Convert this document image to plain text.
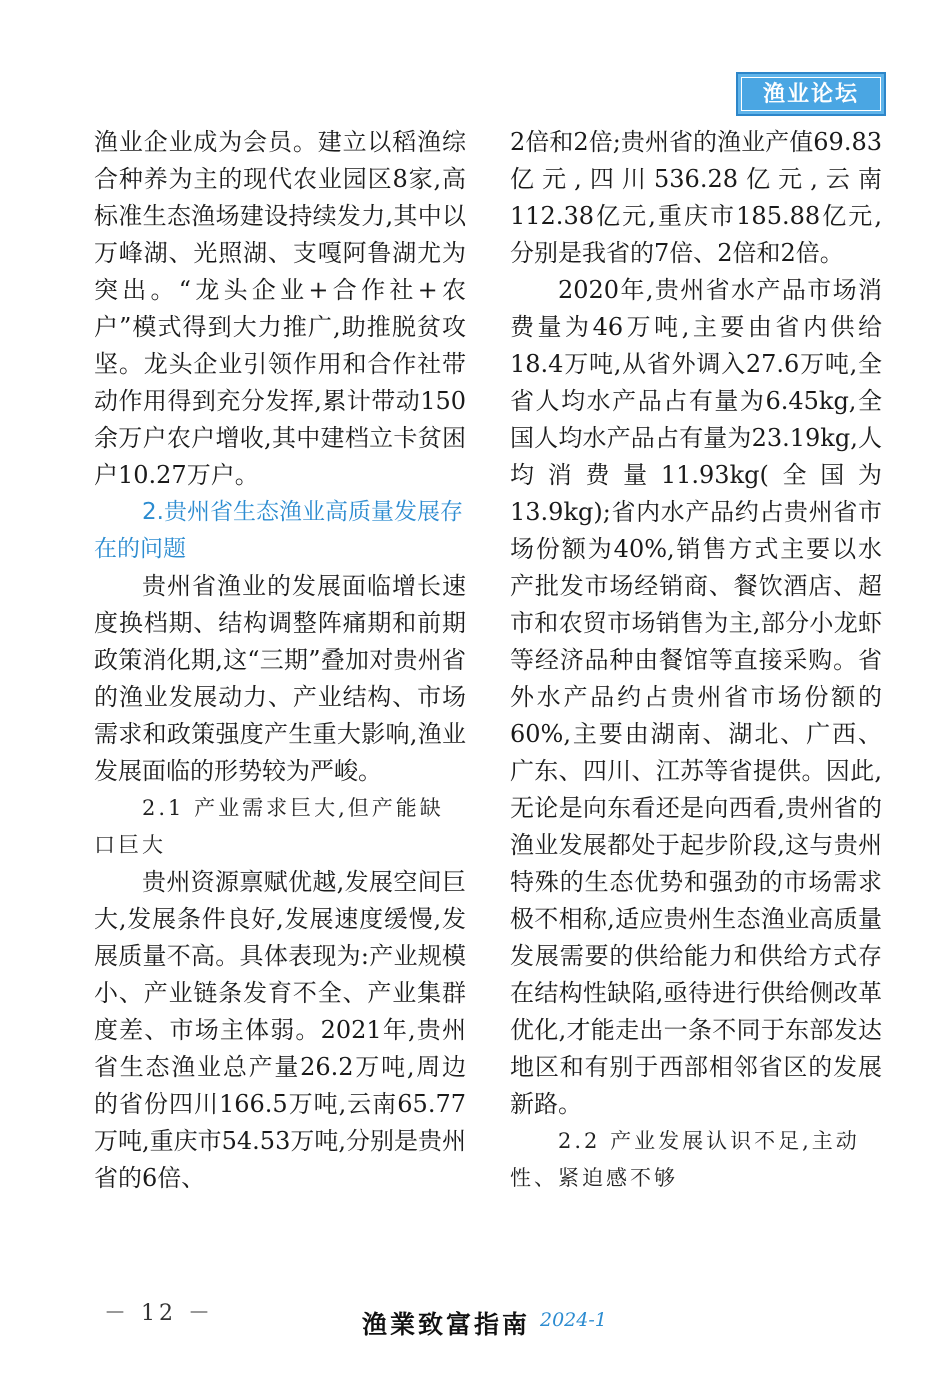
渔业论坛

渔业企业成为会员。建立以稻渔综合种养为主的现代农业园区8家,高标准生态渔场建设持续发力,其中以万峰湖、光照湖、支嘎阿鲁湖尤为突出。“龙头企业+合作社+农户”模式得到大力推广,助推脱贫攻坚。龙头企业引领作用和合作社带动作用得到充分发挥,累计带动150余万户农户增收,其中建档立卡贫困户10.27万户。

2.贵州省生态渔业高质量发展存在的问题

贵州省渔业的发展面临增长速度换档期、结构调整阵痛期和前期政策消化期,这“三期”叠加对贵州省的渔业发展动力、产业结构、市场需求和政策强度产生重大影响,渔业发展面临的形势较为严峻。

2.1 产业需求巨大,但产能缺口巨大

贵州资源禀赋优越,发展空间巨大,发展条件良好,发展速度缓慢,发展质量不高。具体表现为:产业规模小、产业链条发育不全、产业集群度差、市场主体弱。2021年,贵州省生态渔业总产量26.2万吨,周边的省份四川166.5万吨,云南65.77万吨,重庆市54.53万吨,分别是贵州省的6倍、

2倍和2倍;贵州省的渔业产值69.83亿元,四川536.28亿元,云南112.38亿元,重庆市185.88亿元,分别是我省的7倍、2倍和2倍。

2020年,贵州省水产品市场消费量为46万吨,主要由省内供给18.4万吨,从省外调入27.6万吨,全省人均水产品占有量为6.45kg,全国人均水产品占有量为23.19kg,人均消费量11.93kg(全国为13.9kg);省内水产品约占贵州省市场份额为40%,销售方式主要以水产批发市场经销商、餐饮酒店、超市和农贸市场销售为主,部分小龙虾等经济品种由餐馆等直接采购。省外水产品约占贵州省市场份额的60%,主要由湖南、湖北、广西、广东、四川、江苏等省提供。因此,无论是向东看还是向西看,贵州省的渔业发展都处于起步阶段,这与贵州特殊的生态优势和强劲的市场需求极不相称,适应贵州生态渔业高质量发展需要的供给能力和供给方式存在结构性缺陷,亟待进行供给侧改革优化,才能走出一条不同于东部发达地区和有别于西部相邻省区的发展新路。

2.2 产业发展认识不足,主动性、紧迫感不够

－ 12 －	渔業致富指南 2024-1
